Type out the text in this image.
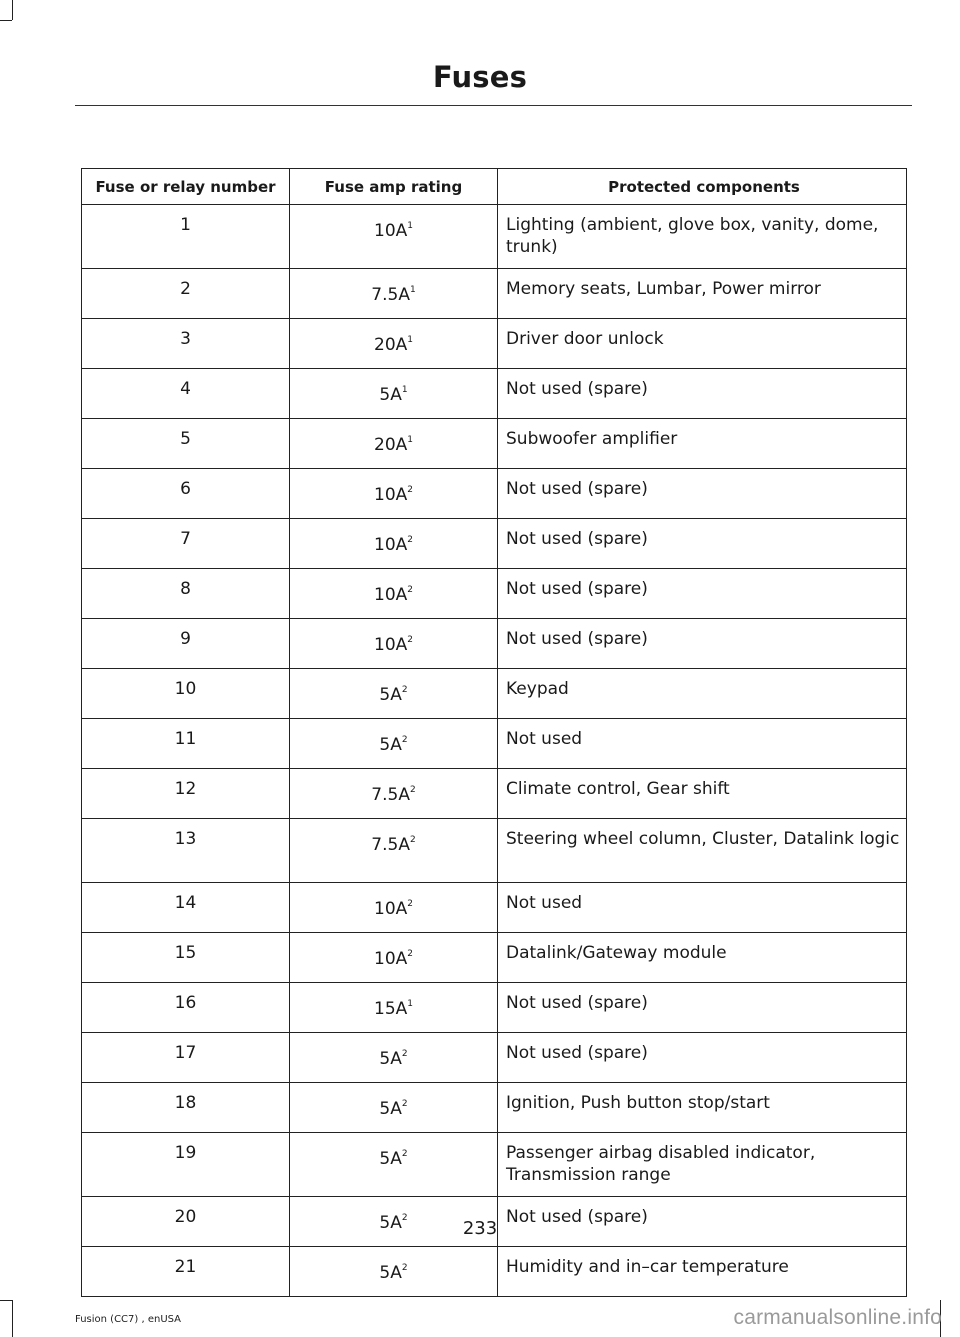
Fuses
Fuse or relay number	Fuse amp rating	Protected components
1	10A$^1$	Lighting (ambient, glove box, vanity, dome, trunk)
2	7.5A$^1$	Memory seats, Lumbar, Power mirror
3	20A$^1$	Driver door unlock
4	5A$^1$	Not used (spare)
5	20A$^1$	Subwoofer amplifier
6	10A$^2$	Not used (spare)
7	10A$^2$	Not used (spare)
8	10A$^2$	Not used (spare)
9	10A$^2$	Not used (spare)
10	5A$^2$	Keypad
11	5A$^2$	Not used
12	7.5A$^2$	Climate control, Gear shift
13	7.5A$^2$	Steering wheel column, Cluster, Datalink logic
14	10A$^2$	Not used
15	10A$^2$	Datalink/Gateway module
16	15A$^1$	Not used (spare)
17	5A$^2$	Not used (spare)
18	5A$^2$	Ignition, Push button stop/start
19	5A$^2$	Passenger airbag disabled indicator, Transmission range
20	5A$^2$	Not used (spare)
21	5A$^2$	Humidity and in–car temperature
233
Fusion (CC7) , enUSA	carmanualsonline.info
